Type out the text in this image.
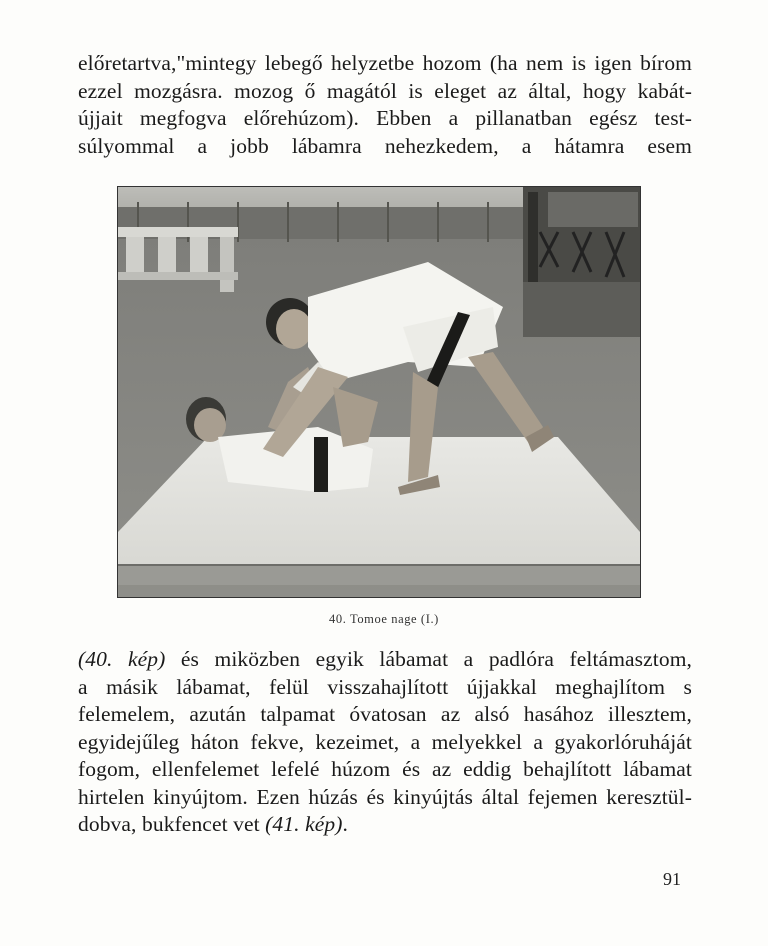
előretartva,"mintegy lebegő helyzetbe hozom (ha nem is igen bírom
ezzel mozgásra. mozog ő magától is eleget az által, hogy kabát-
újjait megfogva előrehúzom). Ebben a pillanatban egész test-
súlyommal a jobb lábamra nehezkedem, a hátamra esem
40. Tomoe nage (I.)
(40. kép) és miközben egyik lábamat a padlóra feltámasztom,
a másik lábamat, felül visszahajlított újjakkal meghajlítom s
felemelem, azután talpamat óvatosan az alsó hasához illesztem,
egyidejűleg háton fekve, kezeimet, a melyekkel a gyakorlóruháját
fogom, ellenfelemet lefelé húzom és az eddig behajlított lábamat
hirtelen kinyújtom. Ezen húzás és kinyújtás által fejemen keresztül-
dobva, bukfencet vet (41. kép).
91
